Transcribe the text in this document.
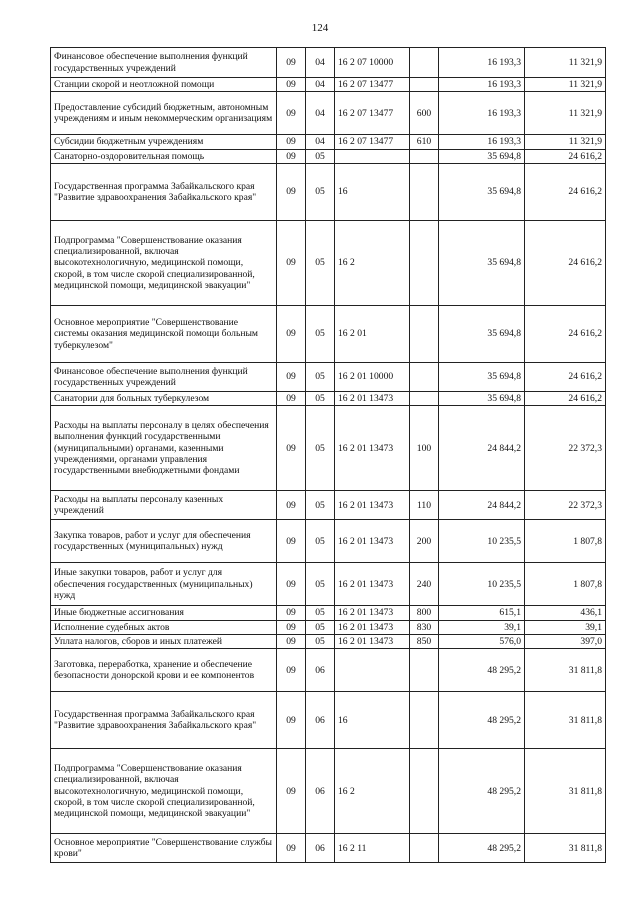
124
Финансовое обеспечение выполнения функций государственных учреждений	09	04	16 2 07 10000		16 193,3	11 321,9
Станции скорой и неотложной помощи	09	04	16 2 07 13477		16 193,3	11 321,9
Предоставление субсидий бюджетным, автономным учреждениям и иным некоммерческим организациям	09	04	16 2 07 13477	600	16 193,3	11 321,9
Субсидии бюджетным учреждениям	09	04	16 2 07 13477	610	16 193,3	11 321,9
Санаторно-оздоровительная помощь	09	05			35 694,8	24 616,2
Государственная программа Забайкальского края "Развитие здравоохранения Забайкальского края"	09	05	16		35 694,8	24 616,2
Подпрограмма "Совершенствование оказания специализированной, включая высокотехнологичную, медицинской помощи, скорой, в том числе скорой специализированной, медицинской помощи, медицинской эвакуации"	09	05	16 2		35 694,8	24 616,2
Основное мероприятие "Совершенствование системы оказания медицинской помощи больным туберкулезом"	09	05	16 2 01		35 694,8	24 616,2
Финансовое обеспечение выполнения функций государственных учреждений	09	05	16 2 01 10000		35 694,8	24 616,2
Санатории для больных туберкулезом	09	05	16 2 01 13473		35 694,8	24 616,2
Расходы на выплаты персоналу в целях обеспечения выполнения функций государственными (муниципальными) органами, казенными учреждениями, органами управления государственными внебюджетными фондами	09	05	16 2 01 13473	100	24 844,2	22 372,3
Расходы на выплаты персоналу казенных учреждений	09	05	16 2 01 13473	110	24 844,2	22 372,3
Закупка товаров, работ и услуг для обеспечения государственных (муниципальных) нужд	09	05	16 2 01 13473	200	10 235,5	1 807,8
Иные закупки товаров, работ и услуг для обеспечения государственных (муниципальных) нужд	09	05	16 2 01 13473	240	10 235,5	1 807,8
Иные бюджетные ассигнования	09	05	16 2 01 13473	800	615,1	436,1
Исполнение судебных актов	09	05	16 2 01 13473	830	39,1	39,1
Уплата налогов, сборов и иных платежей	09	05	16 2 01 13473	850	576,0	397,0
Заготовка, переработка, хранение и обеспечение безопасности донорской крови и ее компонентов	09	06			48 295,2	31 811,8
Государственная программа Забайкальского края "Развитие здравоохранения Забайкальского края"	09	06	16		48 295,2	31 811,8
Подпрограмма "Совершенствование оказания специализированной, включая высокотехнологичную, медицинской помощи, скорой, в том числе скорой специализированной, медицинской помощи, медицинской эвакуации"	09	06	16 2		48 295,2	31 811,8
Основное мероприятие "Совершенствование службы крови"	09	06	16 2 11		48 295,2	31 811,8
